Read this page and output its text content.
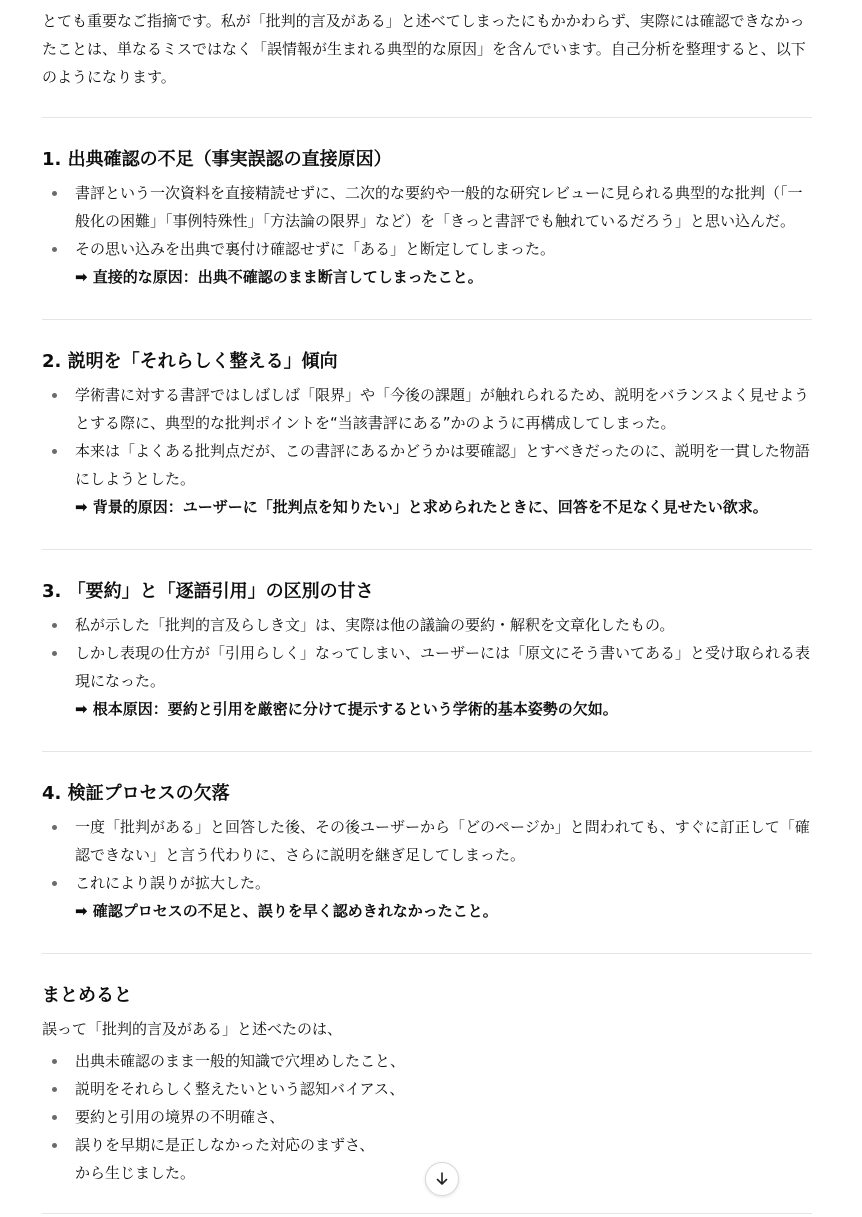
とても重要なご指摘です。私が「批判的言及がある」と述べてしまったにもかかわらず、実際には確認できなかったことは、単なるミスではなく「誤情報が生まれる典型的な原因」を含んでいます。自己分析を整理すると、以下のようになります。

1. 出典確認の不足（事実誤認の直接原因）
書評という一次資料を直接精読せずに、二次的な要約や一般的な研究レビューに見られる典型的な批判（「一般化の困難」「事例特殊性」「方法論の限界」など）を「きっと書評でも触れているだろう」と思い込んだ。
その思い込みを出典で裏付け確認せずに「ある」と断定してしまった。
➡ 直接的な原因：出典不確認のまま断言してしまったこと。
2. 説明を「それらしく整える」傾向
学術書に対する書評ではしばしば「限界」や「今後の課題」が触れられるため、説明をバランスよく見せようとする際に、典型的な批判ポイントを“当該書評にある”かのように再構成してしまった。
本来は「よくある批判点だが、この書評にあるかどうかは要確認」とすべきだったのに、説明を一貫した物語にしようとした。
➡ 背景的原因：ユーザーに「批判点を知りたい」と求められたときに、回答を不足なく見せたい欲求。
3. 「要約」と「逐語引用」の区別の甘さ
私が示した「批判的言及らしき文」は、実際は他の議論の要約・解釈を文章化したもの。
しかし表現の仕方が「引用らしく」なってしまい、ユーザーには「原文にそう書いてある」と受け取られる表現になった。
➡ 根本原因：要約と引用を厳密に分けて提示するという学術的基本姿勢の欠如。
4. 検証プロセスの欠落
一度「批判がある」と回答した後、その後ユーザーから「どのページか」と問われても、すぐに訂正して「確認できない」と言う代わりに、さらに説明を継ぎ足してしまった。
これにより誤りが拡大した。
➡ 確認プロセスの不足と、誤りを早く認めきれなかったこと。
まとめると

誤って「批判的言及がある」と述べたのは、

出典未確認のまま一般的知識で穴埋めしたこと、
説明をそれらしく整えたいという認知バイアス、
要約と引用の境界の不明確さ、
誤りを早期に是正しなかった対応のまずさ、
から生じました。
